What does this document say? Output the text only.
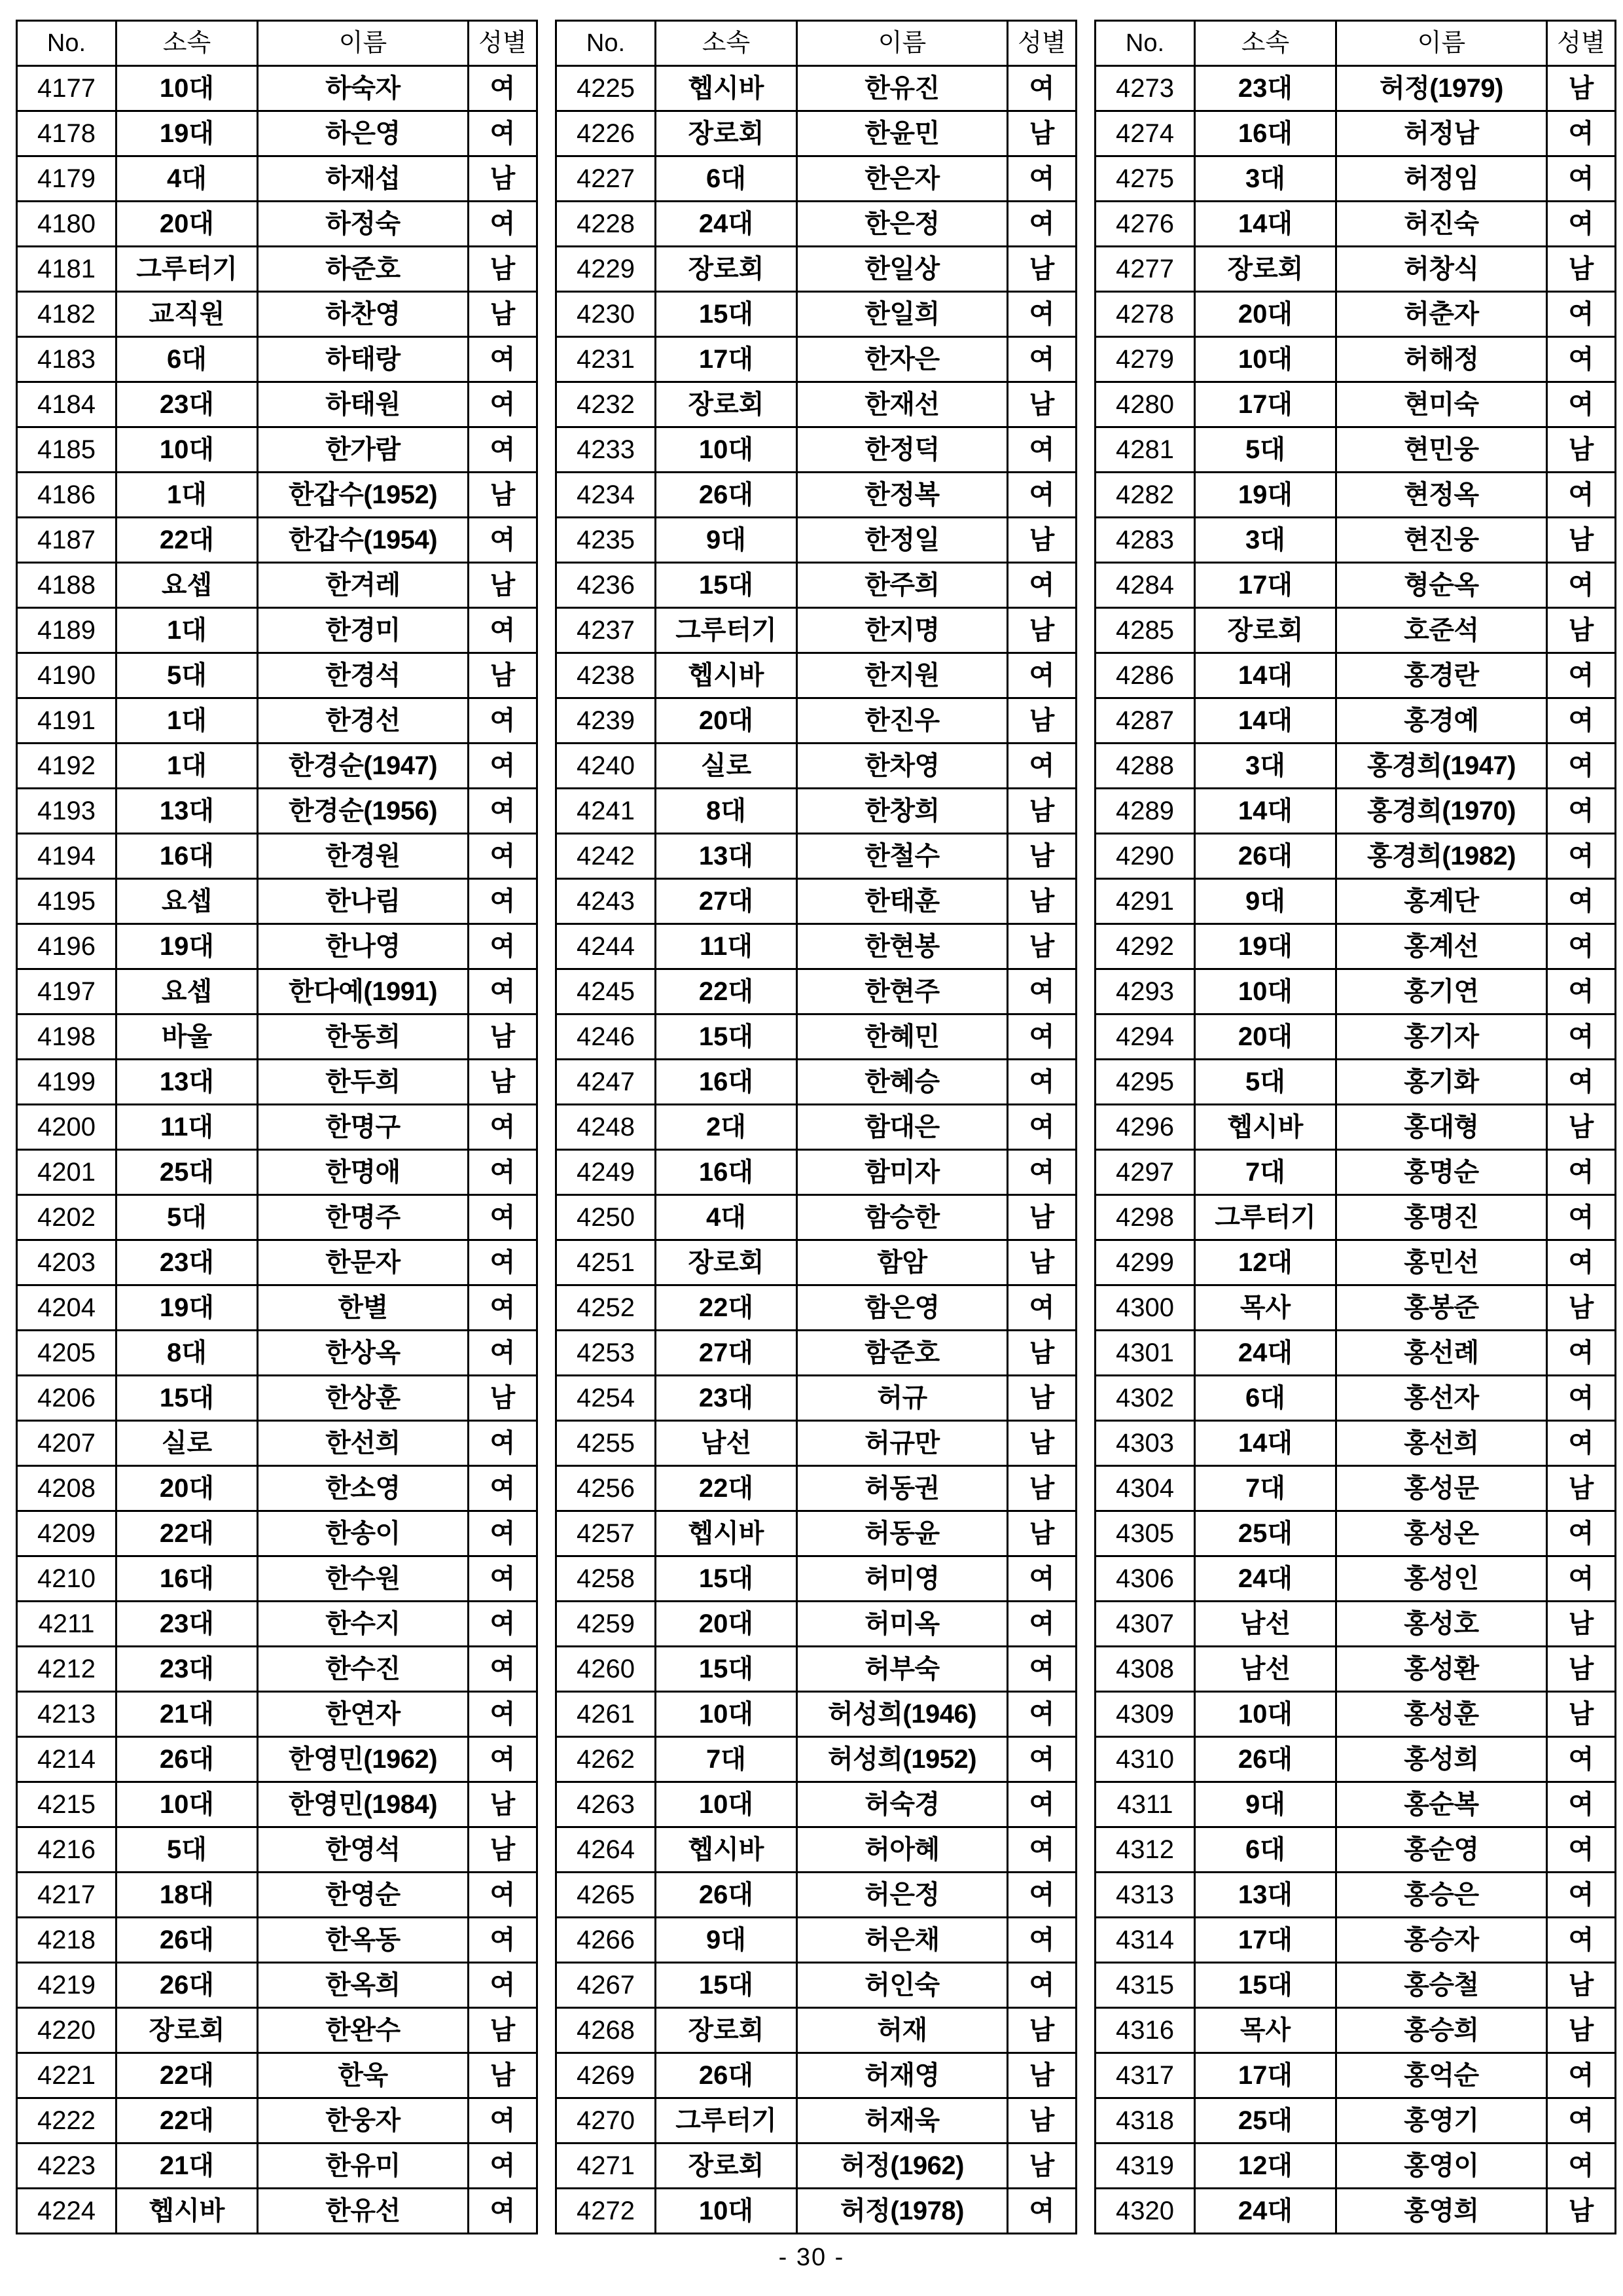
No.	소속	이름	성별
4177	10대	하숙자	여
4178	19대	하은영	여
4179	4대	하재섭	남
4180	20대	하정숙	여
4181	그루터기	하준호	남
4182	교직원	하찬영	남
4183	6대	하태랑	여
4184	23대	하태원	여
4185	10대	한가람	여
4186	1대	한갑수(1952)	남
4187	22대	한갑수(1954)	여
4188	요셉	한겨레	남
4189	1대	한경미	여
4190	5대	한경석	남
4191	1대	한경선	여
4192	1대	한경순(1947)	여
4193	13대	한경순(1956)	여
4194	16대	한경원	여
4195	요셉	한나림	여
4196	19대	한나영	여
4197	요셉	한다예(1991)	여
4198	바울	한동희	남
4199	13대	한두희	남
4200	11대	한명구	여
4201	25대	한명애	여
4202	5대	한명주	여
4203	23대	한문자	여
4204	19대	한별	여
4205	8대	한상옥	여
4206	15대	한상훈	남
4207	실로	한선희	여
4208	20대	한소영	여
4209	22대	한송이	여
4210	16대	한수원	여
4211	23대	한수지	여
4212	23대	한수진	여
4213	21대	한연자	여
4214	26대	한영민(1962)	여
4215	10대	한영민(1984)	남
4216	5대	한영석	남
4217	18대	한영순	여
4218	26대	한옥동	여
4219	26대	한옥희	여
4220	장로회	한완수	남
4221	22대	한욱	남
4222	22대	한웅자	여
4223	21대	한유미	여
4224	헵시바	한유선	여
No.	소속	이름	성별
4225	헵시바	한유진	여
4226	장로회	한윤민	남
4227	6대	한은자	여
4228	24대	한은정	여
4229	장로회	한일상	남
4230	15대	한일희	여
4231	17대	한자은	여
4232	장로회	한재선	남
4233	10대	한정덕	여
4234	26대	한정복	여
4235	9대	한정일	남
4236	15대	한주희	여
4237	그루터기	한지명	남
4238	헵시바	한지원	여
4239	20대	한진우	남
4240	실로	한차영	여
4241	8대	한창희	남
4242	13대	한철수	남
4243	27대	한태훈	남
4244	11대	한현봉	남
4245	22대	한현주	여
4246	15대	한혜민	여
4247	16대	한혜승	여
4248	2대	함대은	여
4249	16대	함미자	여
4250	4대	함승한	남
4251	장로회	함암	남
4252	22대	함은영	여
4253	27대	함준호	남
4254	23대	허규	남
4255	남선	허규만	남
4256	22대	허동권	남
4257	헵시바	허동윤	남
4258	15대	허미영	여
4259	20대	허미옥	여
4260	15대	허부숙	여
4261	10대	허성희(1946)	여
4262	7대	허성희(1952)	여
4263	10대	허숙경	여
4264	헵시바	허아혜	여
4265	26대	허은정	여
4266	9대	허은채	여
4267	15대	허인숙	여
4268	장로회	허재	남
4269	26대	허재영	남
4270	그루터기	허재욱	남
4271	장로회	허정(1962)	남
4272	10대	허정(1978)	여
No.	소속	이름	성별
4273	23대	허정(1979)	남
4274	16대	허정남	여
4275	3대	허정임	여
4276	14대	허진숙	여
4277	장로회	허창식	남
4278	20대	허춘자	여
4279	10대	허해정	여
4280	17대	현미숙	여
4281	5대	현민웅	남
4282	19대	현정옥	여
4283	3대	현진웅	남
4284	17대	형순옥	여
4285	장로회	호준석	남
4286	14대	홍경란	여
4287	14대	홍경예	여
4288	3대	홍경희(1947)	여
4289	14대	홍경희(1970)	여
4290	26대	홍경희(1982)	여
4291	9대	홍계단	여
4292	19대	홍계선	여
4293	10대	홍기연	여
4294	20대	홍기자	여
4295	5대	홍기화	여
4296	헵시바	홍대형	남
4297	7대	홍명순	여
4298	그루터기	홍명진	여
4299	12대	홍민선	여
4300	목사	홍봉준	남
4301	24대	홍선례	여
4302	6대	홍선자	여
4303	14대	홍선희	여
4304	7대	홍성문	남
4305	25대	홍성온	여
4306	24대	홍성인	여
4307	남선	홍성호	남
4308	남선	홍성환	남
4309	10대	홍성훈	남
4310	26대	홍성희	여
4311	9대	홍순복	여
4312	6대	홍순영	여
4313	13대	홍승은	여
4314	17대	홍승자	여
4315	15대	홍승철	남
4316	목사	홍승희	남
4317	17대	홍억순	여
4318	25대	홍영기	여
4319	12대	홍영이	여
4320	24대	홍영희	남
- 30 -
